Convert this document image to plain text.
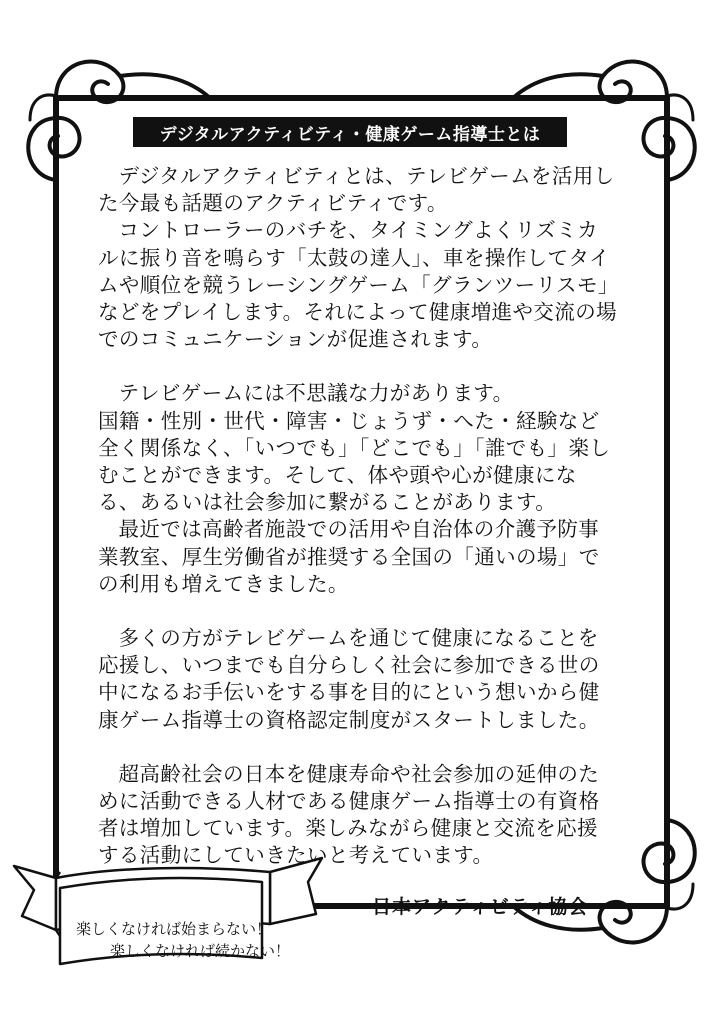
デジタルアクティビティ・健康ゲーム指導士とは

デジタルアクティビティとは、テレビゲームを活用した今最も話題のアクティビティです。

コントローラーのバチを、タイミングよくリズミカルに振り音を鳴らす「太鼓の達人」、車を操作してタイムや順位を競うレーシングゲーム「グランツーリスモ」などをプレイします。それによって健康増進や交流の場でのコミュニケーションが促進されます。

テレビゲームには不思議な力があります。

国籍・性別・世代・障害・じょうず・へた・経験など全く関係なく、「いつでも」「どこでも」「誰でも」楽しむことができます。そして、体や頭や心が健康になる、あるいは社会参加に繋がることがあります。

最近では高齢者施設での活用や自治体の介護予防事業教室、厚生労働省が推奨する全国の「通いの場」での利用も増えてきました。

多くの方がテレビゲームを通じて健康になることを応援し、いつまでも自分らしく社会に参加できる世の中になるお手伝いをする事を目的にという想いから健康ゲーム指導士の資格認定制度がスタートしました。

超高齢社会の日本を健康寿命や社会参加の延伸のために活動できる人材である健康ゲーム指導士の有資格者は増加しています。楽しみながら健康と交流を応援する活動にしていきたいと考えています。

日本アクティビティ協会
楽しくなければ始まらない！

楽しくなければ続かない！
